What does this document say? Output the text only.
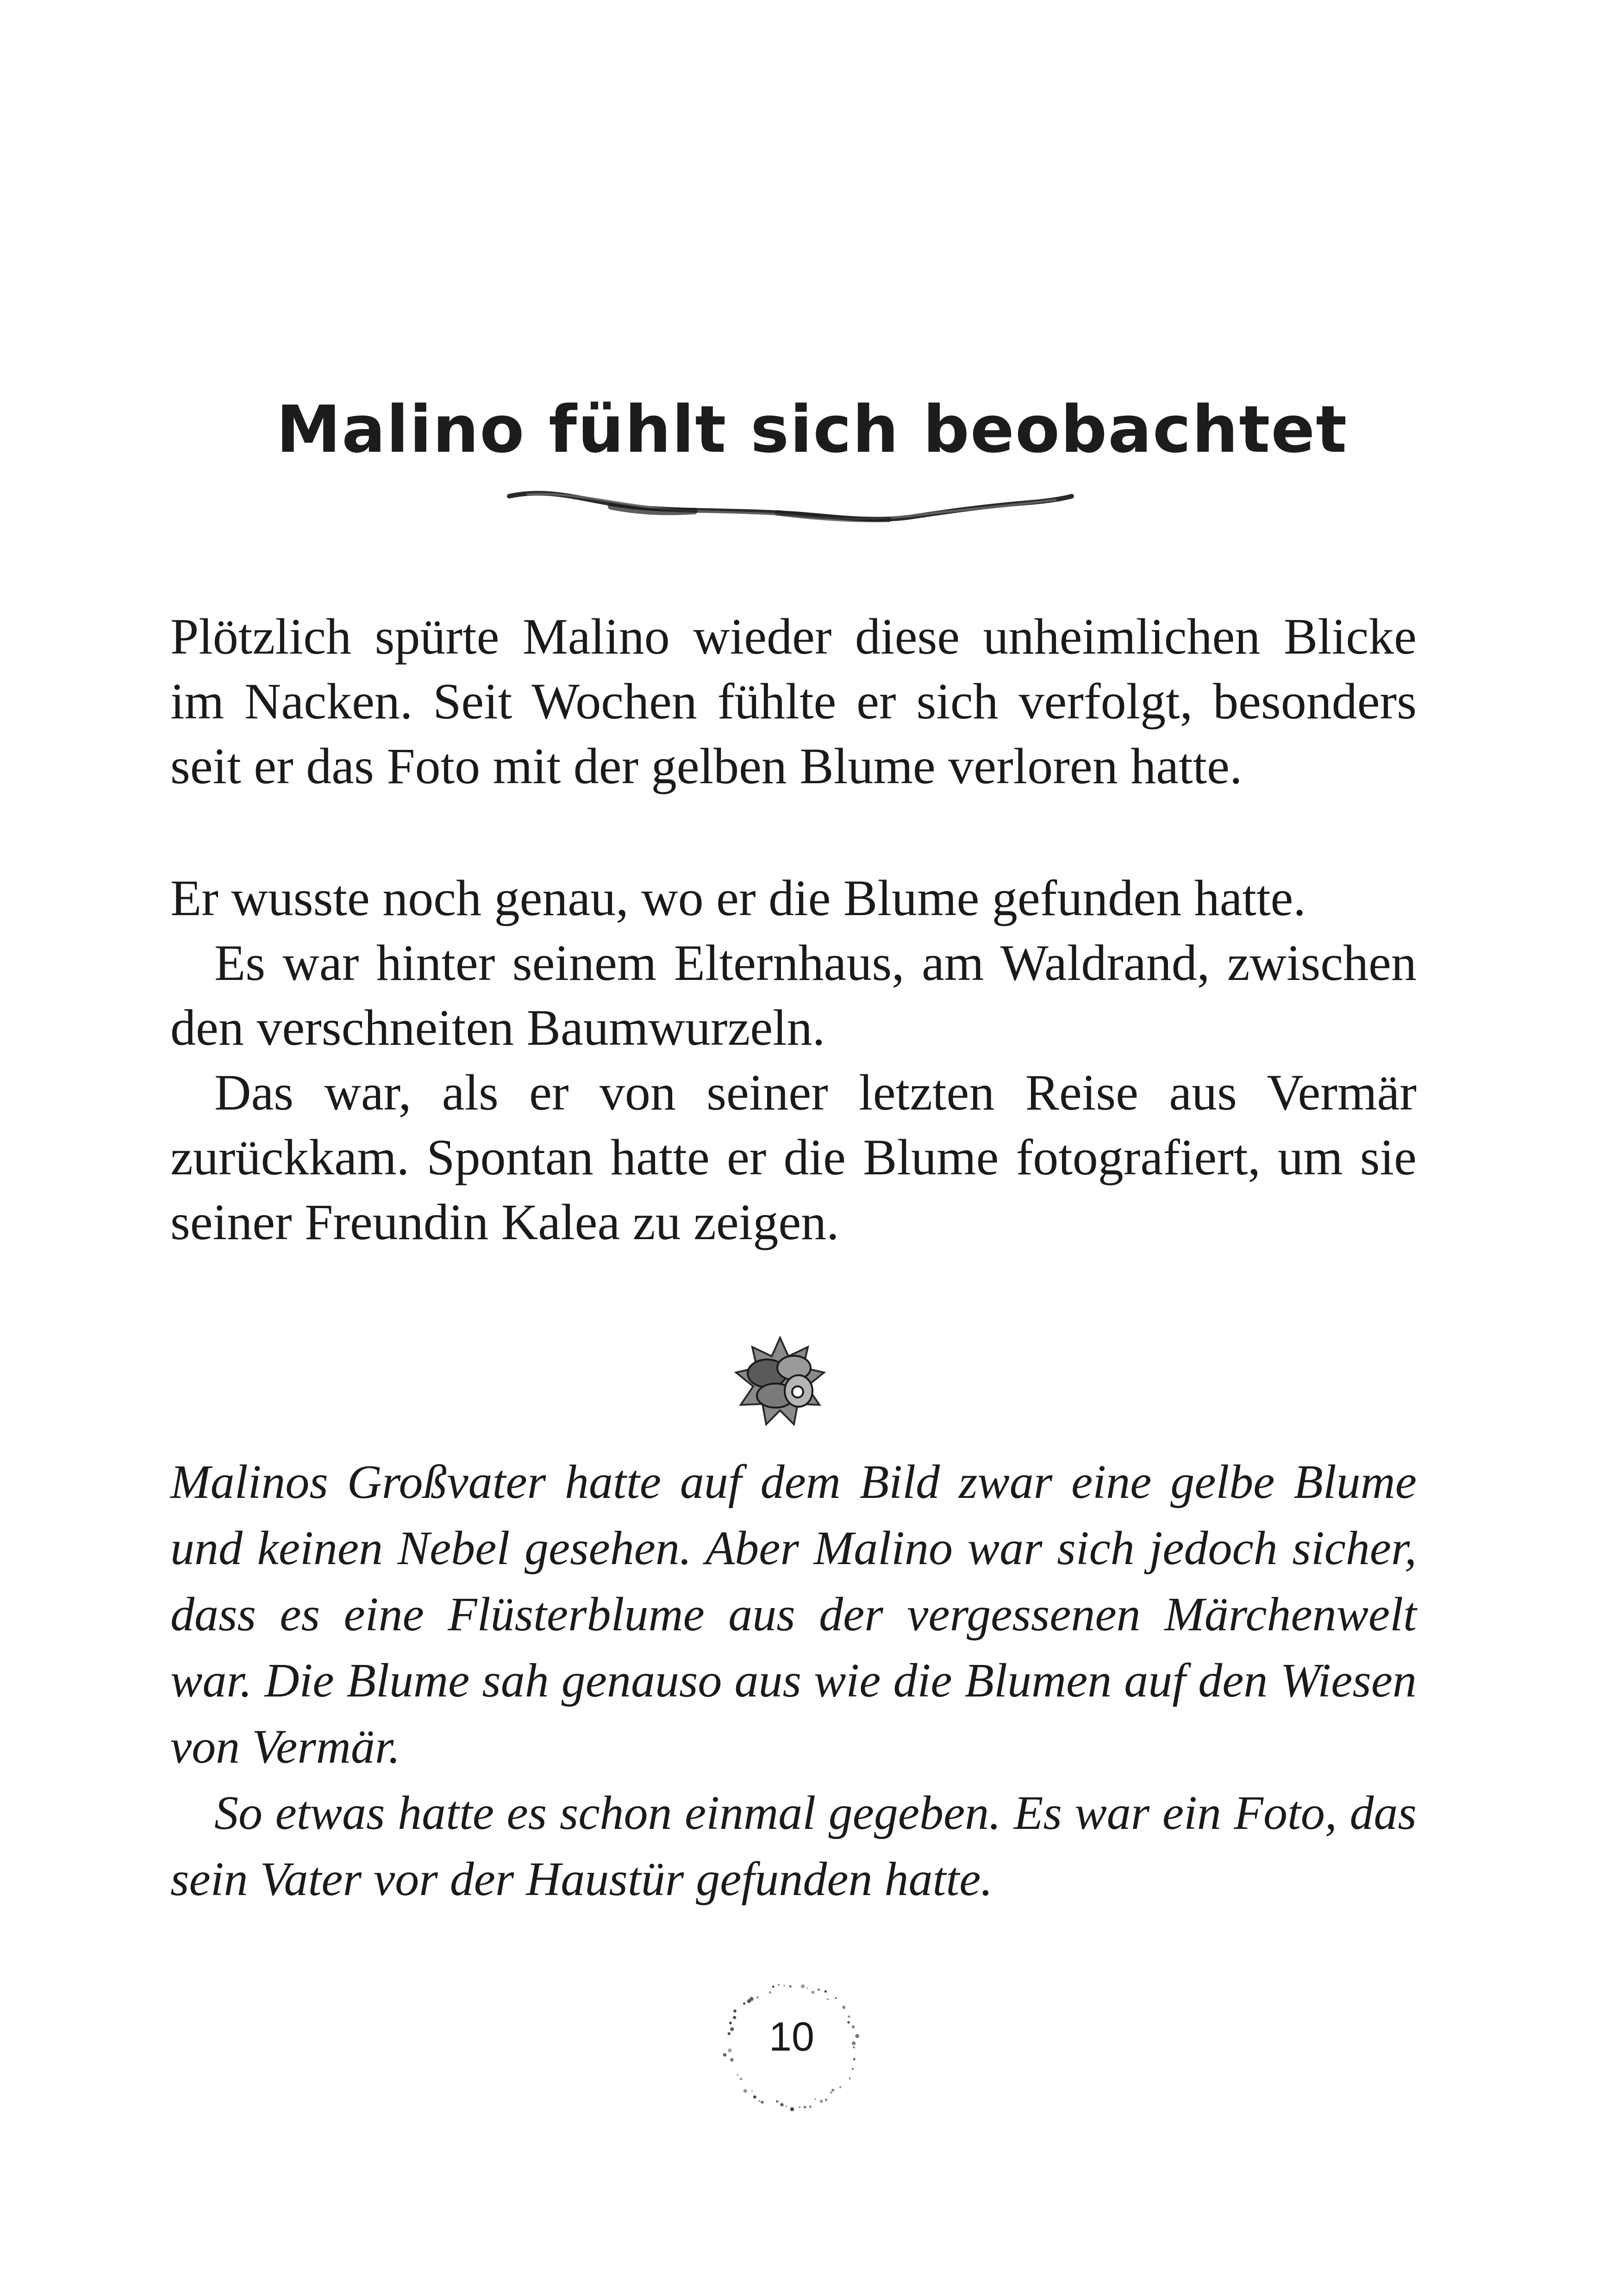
Malino fühlt sich beobachtet

Plötzlich spürte Malino wieder diese unheimlichen Blicke im Nacken. Seit Wochen fühlte er sich verfolgt, besonders seit er das Foto mit der gelben Blume verloren hatte.

Er wusste noch genau, wo er die Blume gefunden hatte.

Es war hinter seinem Elternhaus, am Waldrand, zwischen den verschneiten Baumwurzeln.

Das war, als er von seiner letzten Reise aus Vermär zurückkam. Spontan hatte er die Blume fotografiert, um sie seiner Freundin Kalea zu zeigen.

Malinos Großvater hatte auf dem Bild zwar eine gelbe Blume und keinen Nebel gesehen. Aber Malino war sich jedoch sicher, dass es eine Flüsterblume aus der vergessenen Märchenwelt war. Die Blume sah genauso aus wie die Blumen auf den Wiesen von Vermär.

So etwas hatte es schon einmal gegeben. Es war ein Foto, das sein Vater vor der Haustür gefunden hatte.

10
